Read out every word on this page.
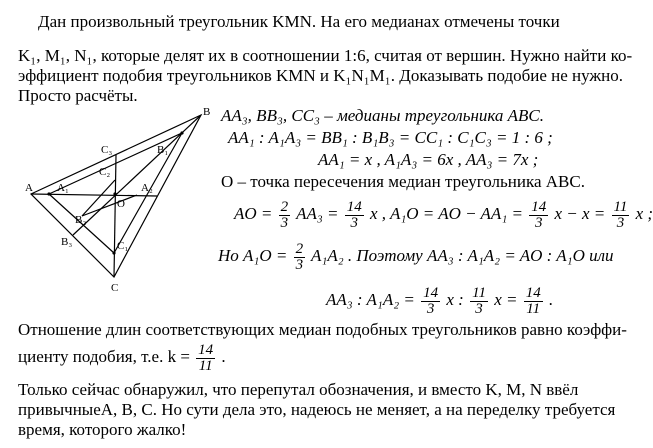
Дан произвольный треугольник KMN. На его медианах отмечены точки
K₁, M₁, N₁, которые делят их в соотношении 1:6, считая от вершин. Нужно найти ко-
эффициент подобия треугольников KMN и K₁N₁M₁. Доказывать подобие не нужно.
Просто расчёты.
A
B
C
O
A₁	A₂
B₁
B₂
B₃	C₁
C₂
C₃
AA₃, BB₃, CC₃ – медианы треугольника ABC.
AA₁ : A₁A₃ = BB₁ : B₁B₃ = CC₁ : C₁C₃ = 1 : 6 ;
AA₁ = x , A₁A₃ = 6x , AA₃ = 7x ;
O – точка пересечения медиан треугольника ABC.
AO = $\frac{2}{3} AA_3 = \frac{14}{3}$ x , A₁O = AO − $AA_1 = \frac{14}{3}$ $x - x = \frac{11}{3}$ x ;
Но $A_1O = \frac{2}{3} A_1A_2$ . Поэтому AA₃ : A₁A₂ = AO : A₁O или
AA₃ : $A_1A_2 = \frac{14}{3}$ x : $\frac{11}{3}$ $x = \frac{14}{11}$ .
Отношение длин соответствующих медиан подобных треугольников равно коэффи-
циенту подобия, т.е. $k = \frac{14}{11}$ .
Только сейчас обнаружил, что перепутал обозначения, и вместо K, M, N ввёл
привычныеA, B, C. Но сути дела это, надеюсь не меняет, а на переделку требуется
время, которого жалко!
